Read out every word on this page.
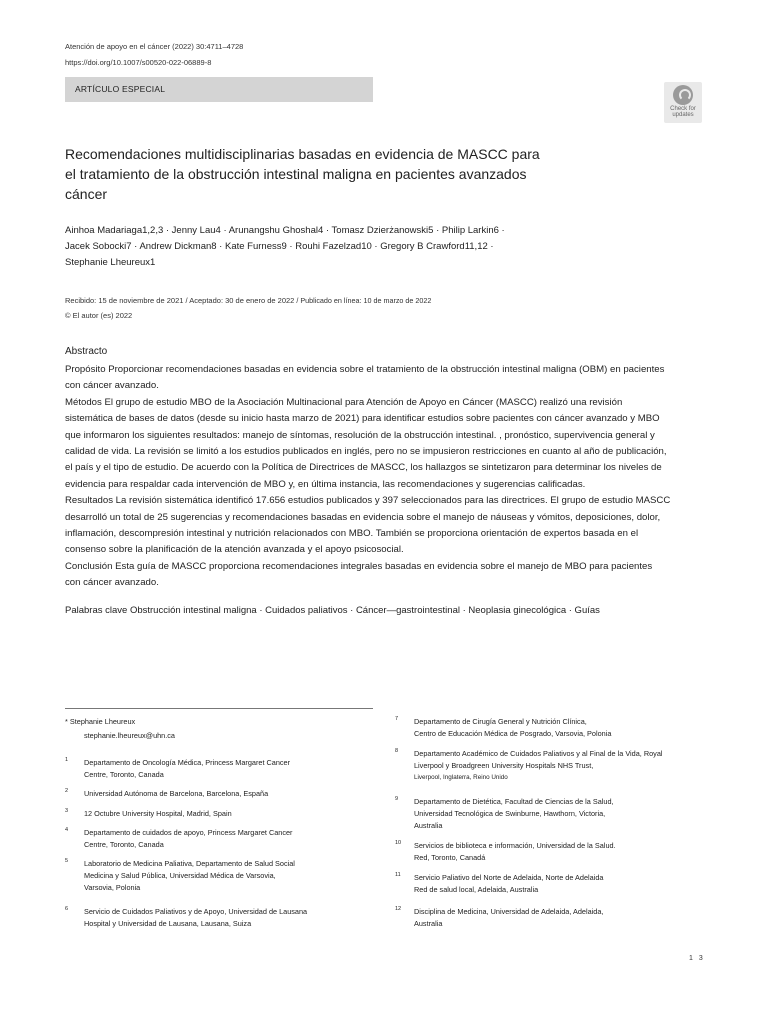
Atención de apoyo en el cáncer (2022) 30:4711–4728
https://doi.org/10.1007/s00520-022-06889-8
ARTÍCULO ESPECIAL
Check for
updates
Recomendaciones multidisciplinarias basadas en evidencia de MASCC para
el tratamiento de la obstrucción intestinal maligna en pacientes avanzados
cáncer
Ainhoa Madariaga1,2,3 · Jenny Lau4 · Arunangshu Ghoshal4 · Tomasz Dzierżanowski5 · Philip Larkin6 ·
Jacek Sobocki7 · Andrew Dickman8 · Kate Furness9 · Rouhi Fazelzad10 · Gregory B Crawford11,12 ·
Stephanie Lheureux1
Recibido: 15 de noviembre de 2021 / Aceptado: 30 de enero de 2022 / Publicado en línea: 10 de marzo de 2022
© El autor (es) 2022
Abstracto

Propósito Proporcionar recomendaciones basadas en evidencia sobre el tratamiento de la obstrucción intestinal maligna (OBM) en pacientes

con cáncer avanzado.

Métodos El grupo de estudio MBO de la Asociación Multinacional para Atención de Apoyo en Cáncer (MASCC) realizó una revisión

sistemática de bases de datos (desde su inicio hasta marzo de 2021) para identificar estudios sobre pacientes con cáncer avanzado y MBO

que informaron los siguientes resultados: manejo de síntomas, resolución de la obstrucción intestinal. , pronóstico, supervivencia general y

calidad de vida. La revisión se limitó a los estudios publicados en inglés, pero no se impusieron restricciones en cuanto al año de publicación,

el país y el tipo de estudio. De acuerdo con la Política de Directrices de MASCC, los hallazgos se sintetizaron para determinar los niveles de

evidencia para respaldar cada intervención de MBO y, en última instancia, las recomendaciones y sugerencias calificadas.

Resultados La revisión sistemática identificó 17.656 estudios publicados y 397 seleccionados para las directrices. El grupo de estudio MASCC

desarrolló un total de 25 sugerencias y recomendaciones basadas en evidencia sobre el manejo de náuseas y vómitos, deposiciones, dolor,

inflamación, descompresión intestinal y nutrición relacionados con MBO. También se proporciona orientación de expertos basada en el

consenso sobre la planificación de la atención avanzada y el apoyo psicosocial.

Conclusión Esta guía de MASCC proporciona recomendaciones integrales basadas en evidencia sobre el manejo de MBO para pacientes

con cáncer avanzado.

Palabras clave Obstrucción intestinal maligna · Cuidados paliativos · Cáncer—gastrointestinal · Neoplasia ginecológica · Guías
* Stephanie Lheureux
stephanie.lheureux@uhn.ca
1 Departamento de Oncología Médica, Princess Margaret Cancer
Centre, Toronto, Canada
2 Universidad Autónoma de Barcelona, Barcelona, España
3 12 Octubre University Hospital, Madrid, Spain
4 Departamento de cuidados de apoyo, Princess Margaret Cancer
Centre, Toronto, Canada
5 Laboratorio de Medicina Paliativa, Departamento de Salud Social
Medicina y Salud Pública, Universidad Médica de Varsovia,
Varsovia, Polonia
6 Servicio de Cuidados Paliativos y de Apoyo, Universidad de Lausana
Hospital y Universidad de Lausana, Lausana, Suiza
7 Departamento de Cirugía General y Nutrición Clínica,
Centro de Educación Médica de Posgrado, Varsovia, Polonia
8 Departamento Académico de Cuidados Paliativos y al Final de la Vida, Royal
Liverpool y Broadgreen University Hospitals NHS Trust,
Liverpool, Inglaterra, Reino Unido
9 Departamento de Dietética, Facultad de Ciencias de la Salud,
Universidad Tecnológica de Swinburne, Hawthorn, Victoria,
Australia
10 Servicios de biblioteca e información, Universidad de la Salud.
Red, Toronto, Canadá
11 Servicio Paliativo del Norte de Adelaida, Norte de Adelaida
Red de salud local, Adelaida, Australia
12 Disciplina de Medicina, Universidad de Adelaida, Adelaida,
Australia
1 3
